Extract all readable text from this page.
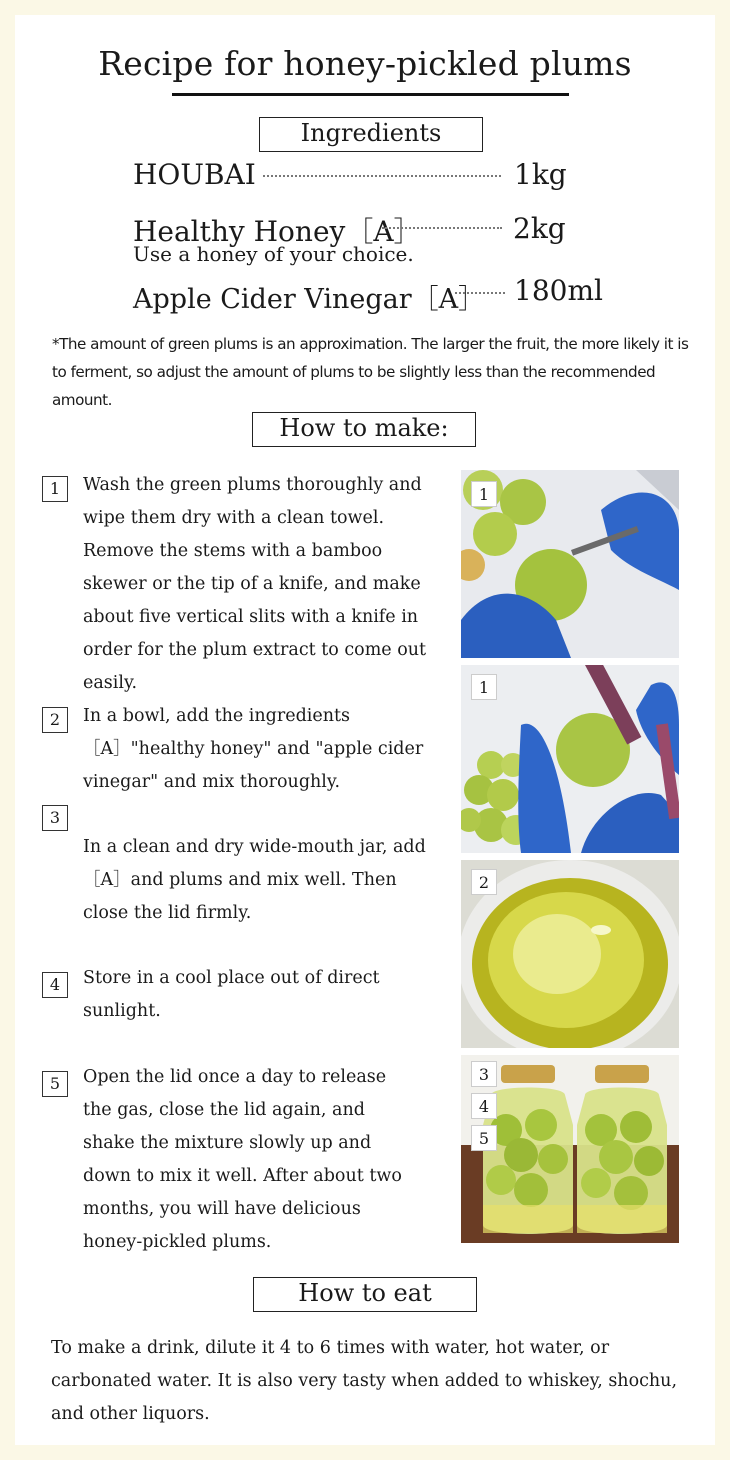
Recipe for honey-pickled plums
Ingredients
HOUBAI	1kg
Healthy Honey［A］	2kg
Use a honey of your choice.
Apple Cider Vinegar［A］ 180ml
*The amount of green plums is an approximation. The larger the fruit, the more likely it is to ferment, so adjust the amount of plums to be slightly less than the recommended amount.
How to make:
1	Wash the green plums thoroughly and wipe them dry with a clean towel. Remove the stems with a bamboo skewer or the tip of a knife, and make about five vertical slits with a knife in order for the plum extract to come out easily.
2	In a bowl, add the ingredients［A］"healthy honey" and "apple cider vinegar" and mix thoroughly.
3
In a clean and dry wide-mouth jar, add［A］and plums and mix well. Then close the lid firmly.
4	Store in a cool place out of direct sunlight.
5	Open the lid once a day to release the gas, close the lid again, and shake the mixture slowly up and down to mix it well. After about two months, you will have delicious honey-pickled plums.
1
1
2
3
4
5
How to eat
To make a drink, dilute it 4 to 6 times with water, hot water, or carbonated water. It is also very tasty when added to whiskey, shochu, and other liquors.
